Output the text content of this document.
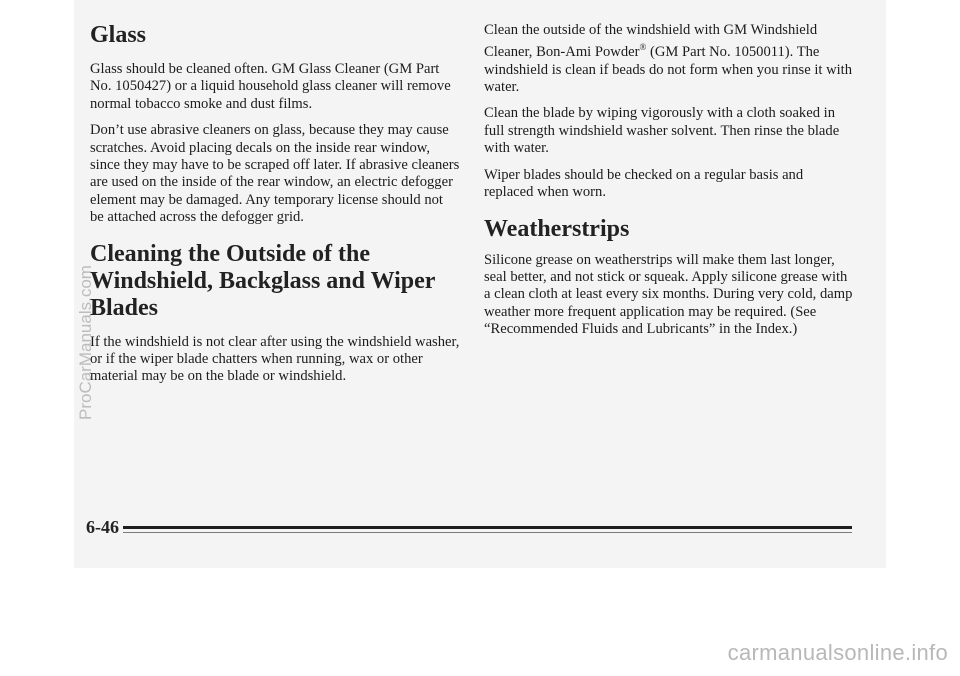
Glass

Glass should be cleaned often. GM Glass Cleaner (GM Part No. 1050427) or a liquid household glass cleaner will remove normal tobacco smoke and dust films.

Don’t use abrasive cleaners on glass, because they may cause scratches. Avoid placing decals on the inside rear window, since they may have to be scraped off later. If abrasive cleaners are used on the inside of the rear window, an electric defogger element may be damaged. Any temporary license should not be attached across the defogger grid.

Cleaning the Outside of the Windshield, Backglass and Wiper Blades

If the windshield is not clear after using the windshield washer, or if the wiper blade chatters when running, wax or other material may be on the blade or windshield.

Clean the outside of the windshield with GM Windshield Cleaner, Bon-Ami Powder® (GM Part No. 1050011). The windshield is clean if beads do not form when you rinse it with water.

Clean the blade by wiping vigorously with a cloth soaked in full strength windshield washer solvent. Then rinse the blade with water.

Wiper blades should be checked on a regular basis and replaced when worn.

Weatherstrips

Silicone grease on weatherstrips will make them last longer, seal better, and not stick or squeak. Apply silicone grease with a clean cloth at least every six months. During very cold, damp weather more frequent application may be required. (See “Recommended Fluids and Lubricants” in the Index.)

6-46
ProCarManuals.com
carmanualsonline.info
